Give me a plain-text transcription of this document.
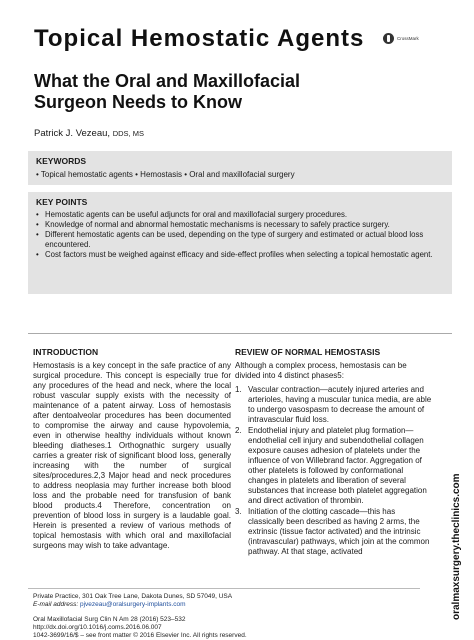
Topical Hemostatic Agents
What the Oral and Maxillofacial Surgeon Needs to Know
CrossMark
Patrick J. Vezeau, DDS, MS
KEYWORDS
• Topical hemostatic agents • Hemostasis • Oral and maxillofacial surgery
KEY POINTS
• Hemostatic agents can be useful adjuncts for oral and maxillofacial surgery procedures.
• Knowledge of normal and abnormal hemostatic mechanisms is necessary to safely practice surgery.
• Different hemostatic agents can be used, depending on the type of surgery and estimated or actual blood loss encountered.
• Cost factors must be weighed against efficacy and side-effect profiles when selecting a topical hemostatic agent.
INTRODUCTION
Hemostasis is a key concept in the safe practice of any surgical procedure. This concept is especially true for any procedures of the head and neck, where the local robust vascular supply exists with the necessity of maintenance of a patent airway. Loss of hemostasis after dentoalveolar procedures has been documented to compromise the airway and cause hypovolemia, even in otherwise healthy individuals without known bleeding diatheses.1 Orthognathic surgery usually carries a greater risk of significant blood loss, generally increasing with the number of surgical sites/procedures.2,3 Major head and neck procedures to address neoplasia may further increase both blood loss and the probable need for transfusion of bank blood products.4 Therefore, concentration on prevention of blood loss in surgery is a laudable goal. Herein is presented a review of various methods of topical hemostasis with which oral and maxillofacial surgeons may wish to take advantage.
REVIEW OF NORMAL HEMOSTASIS
Although a complex process, hemostasis can be divided into 4 distinct phases5:
1. Vascular contraction—acutely injured arteries and arterioles, having a muscular tunica media, are able to undergo vasospasm to decrease the amount of intravascular fluid loss.
2. Endothelial injury and platelet plug formation—endothelial cell injury and subendothelial collagen exposure causes adhesion of platelets under the influence of von Willebrand factor. Aggregation of other platelets is followed by conformational changes in platelets and liberation of several substances that increase both platelet aggregation and direct activation of thrombin.
3. Initiation of the clotting cascade—this has classically been described as having 2 arms, the extrinsic (tissue factor activated) and the intrinsic (intravascular) pathways, which join at the common pathway. At that stage, activated
Private Practice, 301 Oak Tree Lane, Dakota Dunes, SD 57049, USA
E-mail address: pjvezeau@oralsurgery-implants.com
Oral Maxillofacial Surg Clin N Am 28 (2016) 523–532
http://dx.doi.org/10.1016/j.coms.2016.06.007
1042-3699/16/$ – see front matter © 2016 Elsevier Inc. All rights reserved.
oralmaxsurgery.theclinics.com
